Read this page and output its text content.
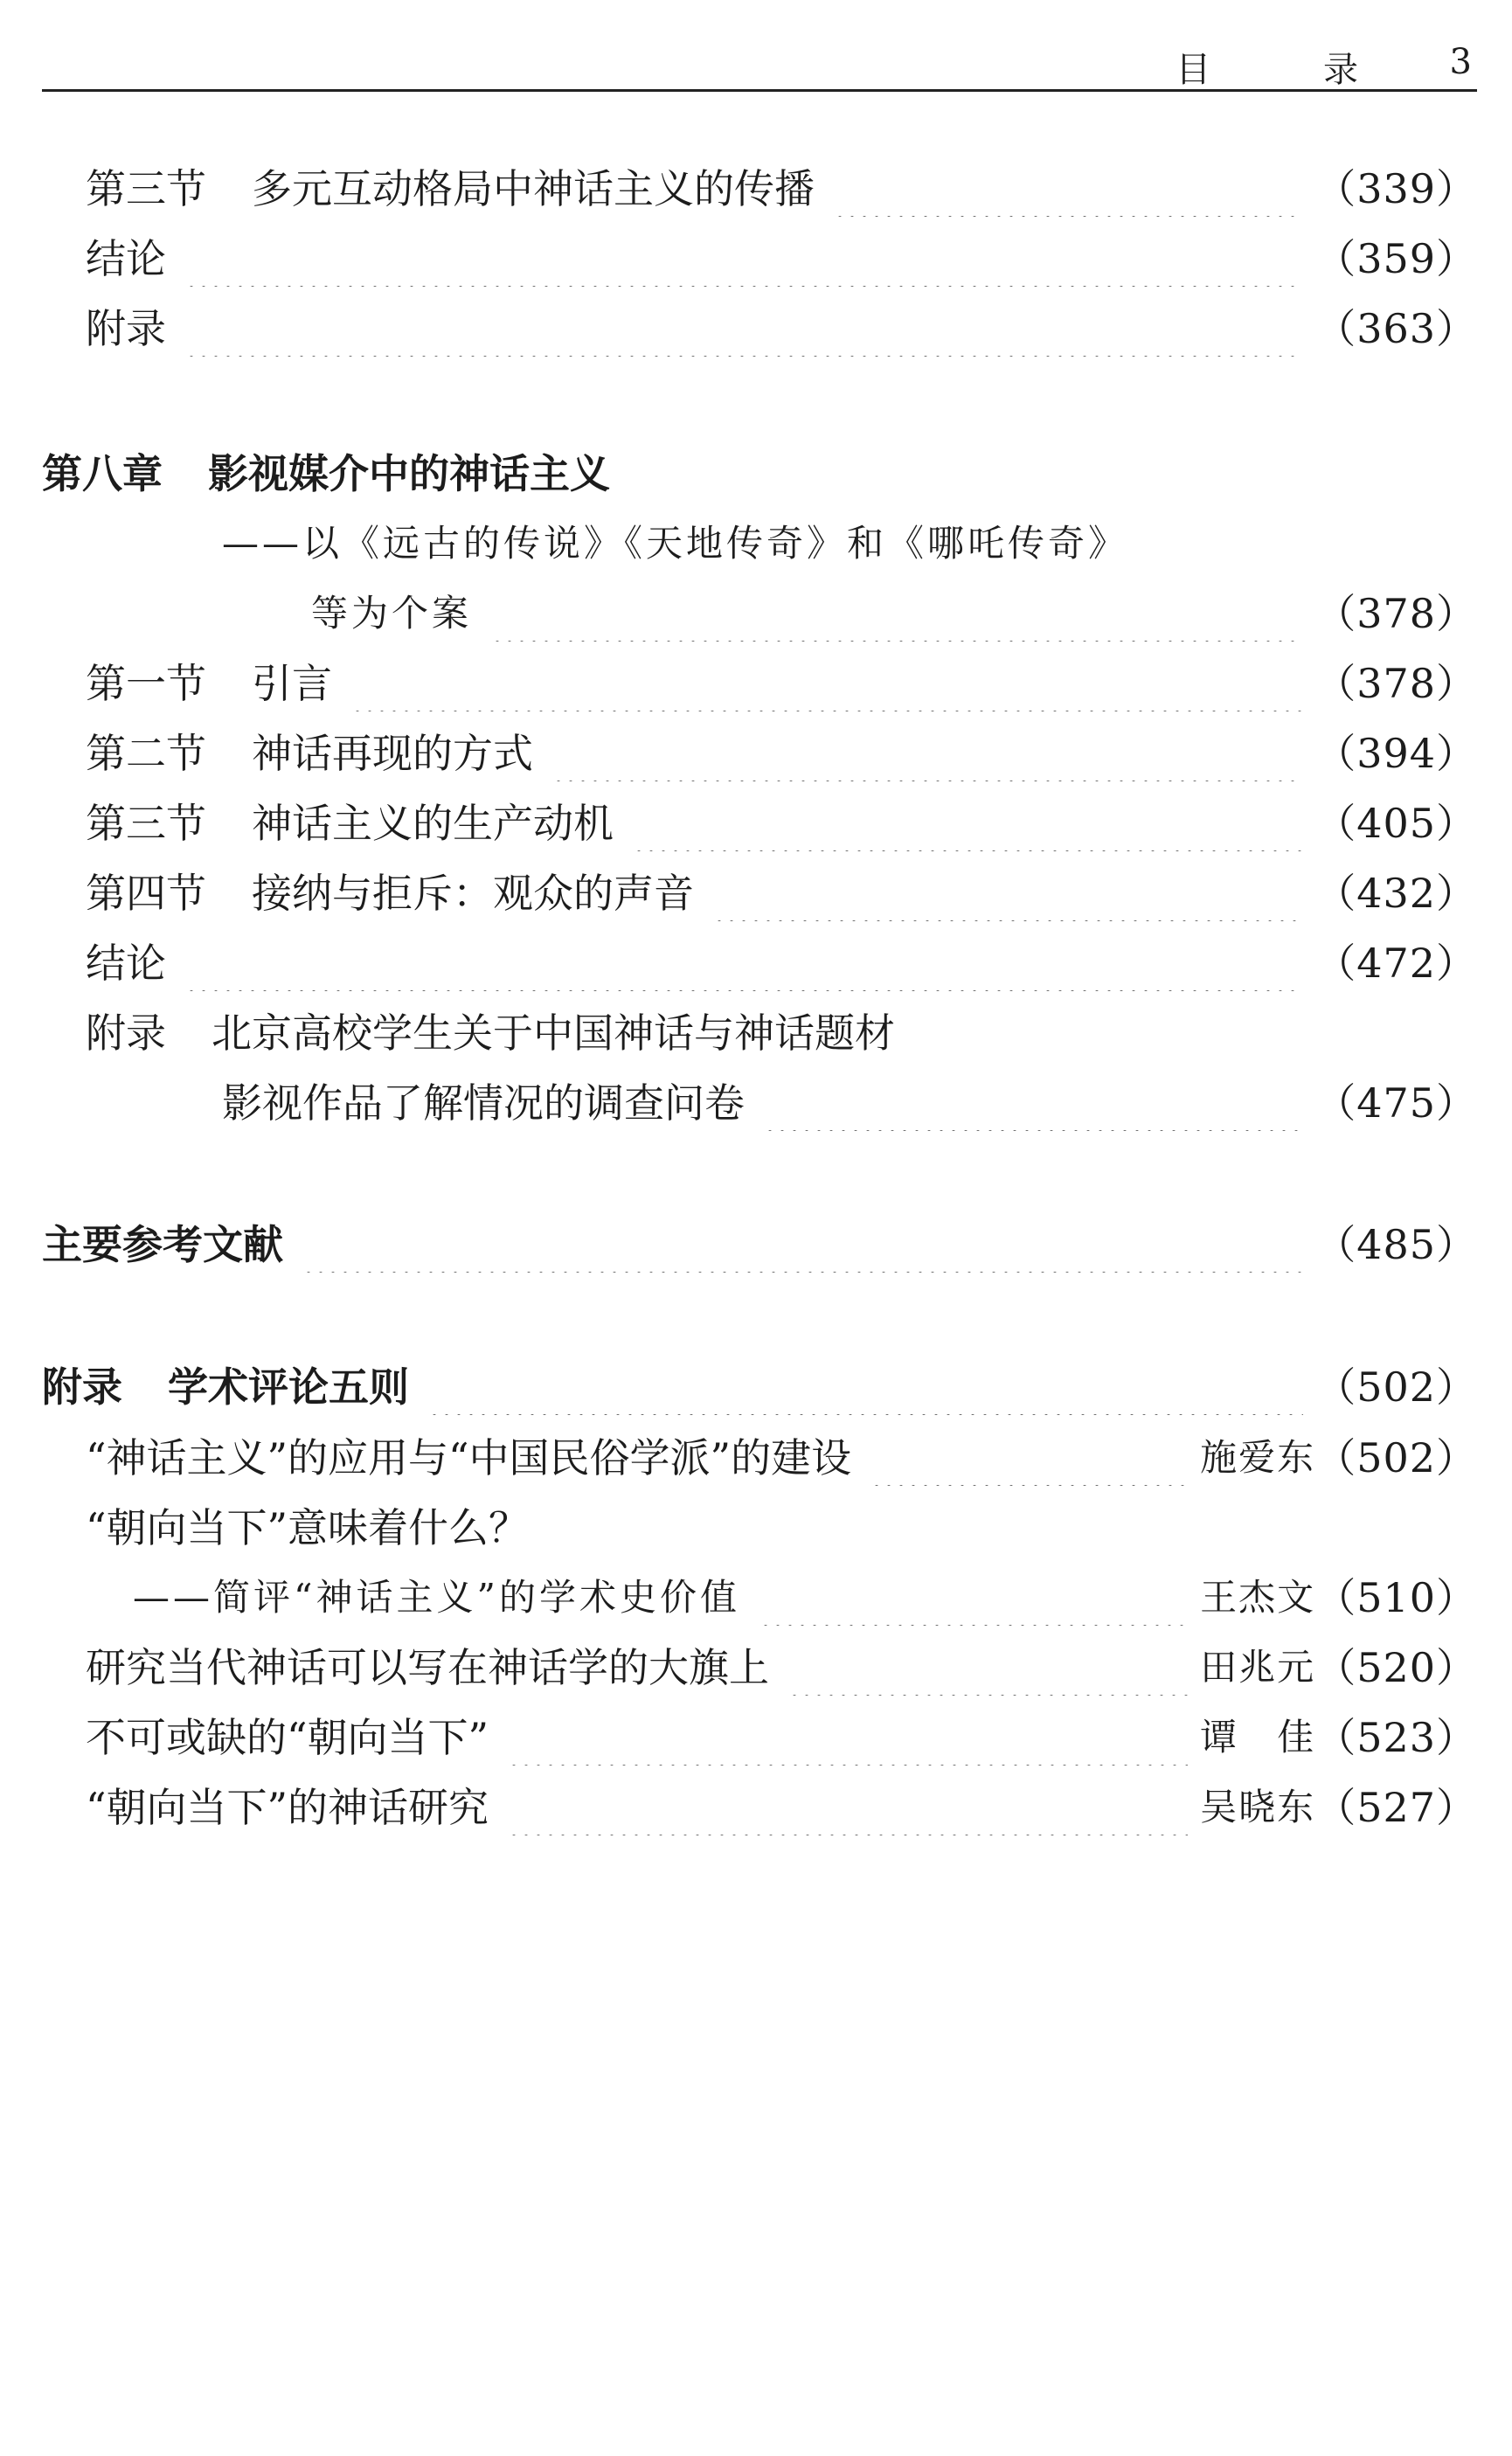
目 录 3
第三节 多元互动格局中神话主义的传播	（339）
结论	（359）
附录	（363）
第八章 影视媒介中的神话主义
——以《远古的传说》《天地传奇》和《哪吒传奇》
等为个案	（378）
第一节 引言	（378）
第二节 神话再现的方式	（394）
第三节 神话主义的生产动机	（405）
第四节 接纳与拒斥：观众的声音	（432）
结论	（472）
附录 北京高校学生关于中国神话与神话题材
影视作品了解情况的调查问卷	（475）
主要参考文献	（485）
附录 学术评论五则	（502）
“神话主义”的应用与“中国民俗学派”的建设	施爱东 （502）
“朝向当下”意味着什么？
——简评“神话主义”的学术史价值	王杰文 （510）
研究当代神话可以写在神话学的大旗上	田兆元 （520）
不可或缺的“朝向当下”	谭　佳 （523）
“朝向当下”的神话研究	吴晓东 （527）
